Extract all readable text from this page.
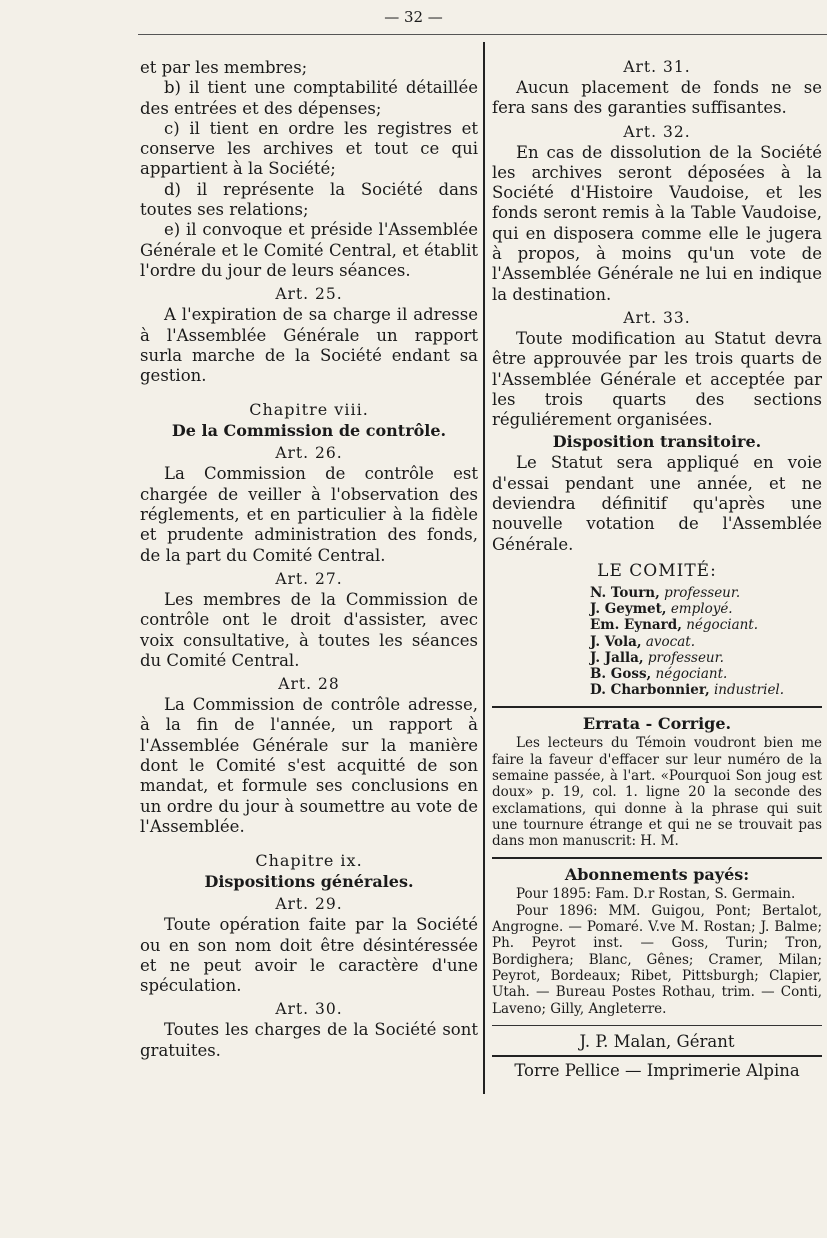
— 32 —

et par les membres;

b) il tient une comptabilité détaillée des entrées et des dépenses;

c) il tient en ordre les registres et conserve les archives et tout ce qui appartient à la Société;

d) il représente la Société dans toutes ses relations;

e) il convoque et préside l'Assemblée Générale et le Comité Central, et établit l'ordre du jour de leurs séances.

Art. 25.

A l'expiration de sa charge il adresse à l'Assemblée Générale un rapport surla marche de la Société endant sa gestion.

Chapitre viii.
De la Commission de contrôle.
Art. 26.

La Commission de contrôle est chargée de veiller à l'observation des réglements, et en particulier à la fidèle et prudente administration des fonds, de la part du Comité Central.

Art. 27.

Les membres de la Commission de contrôle ont le droit d'assister, avec voix consultative, à toutes les séances du Comité Central.

Art. 28

La Commission de contrôle adresse, à la fin de l'année, un rapport à l'Assemblée Générale sur la manière dont le Comité s'est acquitté de son mandat, et formule ses conclusions en un ordre du jour à soumettre au vote de l'Assemblée.

Chapitre ix.
Dispositions générales.
Art. 29.

Toute opération faite par la Société ou en son nom doit être désintéressée et ne peut avoir le caractère d'une spéculation.

Art. 30.

Toutes les charges de la Société sont gratuites.

Art. 31.

Aucun placement de fonds ne se fera sans des garanties suffisantes.

Art. 32.

En cas de dissolution de la Société les archives seront déposées à la Société d'Histoire Vaudoise, et les fonds seront remis à la Table Vaudoise, qui en disposera comme elle le jugera à propos, à moins qu'un vote de l'Assemblée Générale ne lui en indique la destination.

Art. 33.

Toute modification au Statut devra être approuvée par les trois quarts de l'Assemblée Générale et acceptée par les trois quarts des sections réguliérement organisées.

Disposition transitoire.

Le Statut sera appliqué en voie d'essai pendant une année, et ne deviendra définitif qu'après une nouvelle votation de l'Assemblée Générale.

LE COMITÉ:
N. Tourn, professeur.
J. Geymet, employé.
Em. Eynard, négociant.
J. Vola, avocat.
J. Jalla, professeur.
B. Goss, négociant.
D. Charbonnier, industriel.
Errata - Corrige.

Les lecteurs du Témoin voudront bien me faire la faveur d'effacer sur leur numéro de la semaine passée, à l'art. «Pourquoi Son joug est doux» p. 19, col. 1. ligne 20 la seconde des exclamations, qui donne à la phrase qui suit une tournure étrange et qui ne se trouvait pas dans mon manuscrit: H. M.

Abonnements payés:

Pour 1895: Fam. D.r Rostan, S. Germain.

Pour 1896: MM. Guigou, Pont; Bertalot, Angrogne. — Pomaré. V.ve M. Rostan; J. Balme; Ph. Peyrot inst. — Goss, Turin; Tron, Bordighera; Blanc, Gênes; Cramer, Milan; Peyrot, Bordeaux; Ribet, Pittsburgh; Clapier, Utah. — Bureau Postes Rothau, trim. — Conti, Laveno; Gilly, Angleterre.

J. P. Malan, Gérant
Torre Pellice — Imprimerie Alpina
